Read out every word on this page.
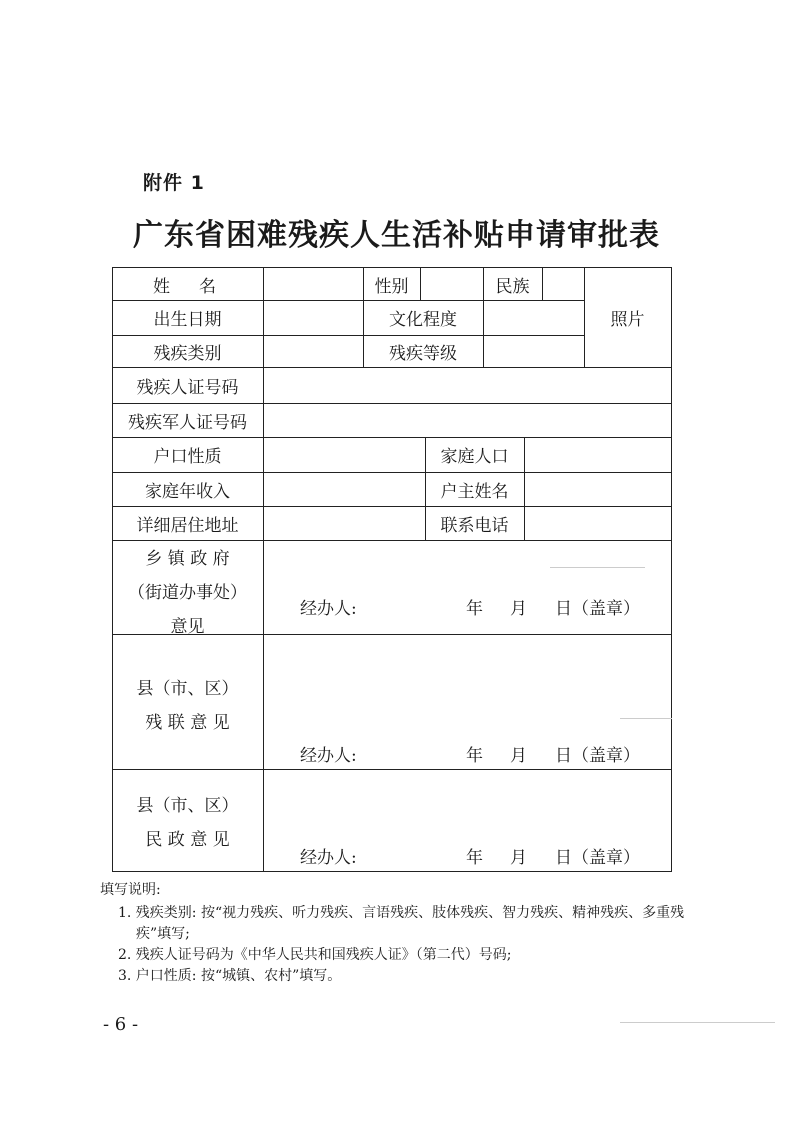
附件 1
广东省困难残疾人生活补贴申请审批表
姓　名	性别	民族
照片
出生日期	文化程度
残疾类别	残疾等级
残疾人证号码
残疾军人证号码
户口性质	家庭人口
家庭年收入	户主姓名
详细居住地址	联系电话
乡 镇 政 府
（街道办事处）
意见
经办人:	年 月 日（盖章）
县（市、区）
残 联 意 见
经办人:	年 月 日（盖章）
县（市、区）
民 政 意 见
经办人:	年 月 日（盖章）
填写说明:
1. 残疾类别: 按“视力残疾、听力残疾、言语残疾、肢体残疾、智力残疾、精神残疾、多重残疾”填写;
2. 残疾人证号码为《中华人民共和国残疾人证》（第二代）号码;
3. 户口性质: 按“城镇、农村”填写。
- 6 -
